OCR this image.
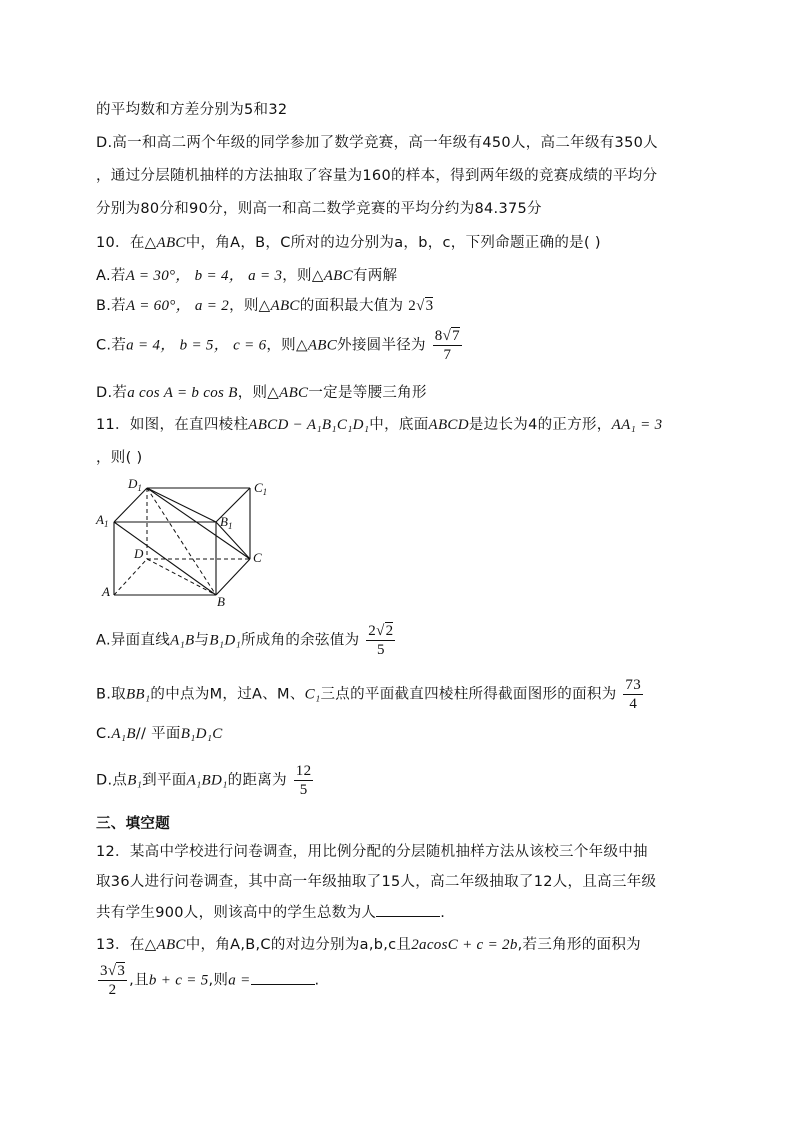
的平均数和方差分别为5和32
D.高一和高二两个年级的同学参加了数学竞赛，高一年级有450人，高二年级有350人
，通过分层随机抽样的方法抽取了容量为160的样本，得到两年级的竞赛成绩的平均分
分别为80分和90分，则高一和高二数学竞赛的平均分约为84.375分
10．在△ABC中，角A，B，C所对的边分别为a，b，c，下列命题正确的是( )
A.若A = 30°， b = 4， a = 3，则△ABC有两解
B.若A = 60°， a = 2，则△ABC的面积最大值为 2√3
C.若a = 4， b = 5， c = 6，则△ABC外接圆半径为 $\frac{8√7}{7}$
D.若a cos A = b cos B，则△ABC一定是等腰三角形
11．如图，在直四棱柱ABCD − A₁B₁C₁D₁中，底面ABCD是边长为4的正方形，AA₁ = 3
，则( )
$D_1$	$C_1$
$A_1$	$B_1$
D	C
A
B
A.异面直线A₁B与B₁D₁所成角的余弦值为 $\frac{2√2}{5}$
B.取BB₁的中点为M，过A、M、C₁三点的平面截直四棱柱所得截面图形的面积为 $\frac{73}{4}$
C.A₁B// 平面B₁D₁C
D.点B₁到平面A₁BD₁的距离为 $\frac{12}{5}$
三、填空题
12．某高中学校进行问卷调查，用比例分配的分层随机抽样方法从该校三个年级中抽
取36人进行问卷调查，其中高一年级抽取了15人，高二年级抽取了12人，且高三年级
共有学生900人，则该高中的学生总数为人	.
13．在△ABC中，角A,B,C的对边分别为a,b,c且2acosC + c = 2b,若三角形的面积为
$\frac{3√3}{2}$ ,且b + c = 5,则a =	.
